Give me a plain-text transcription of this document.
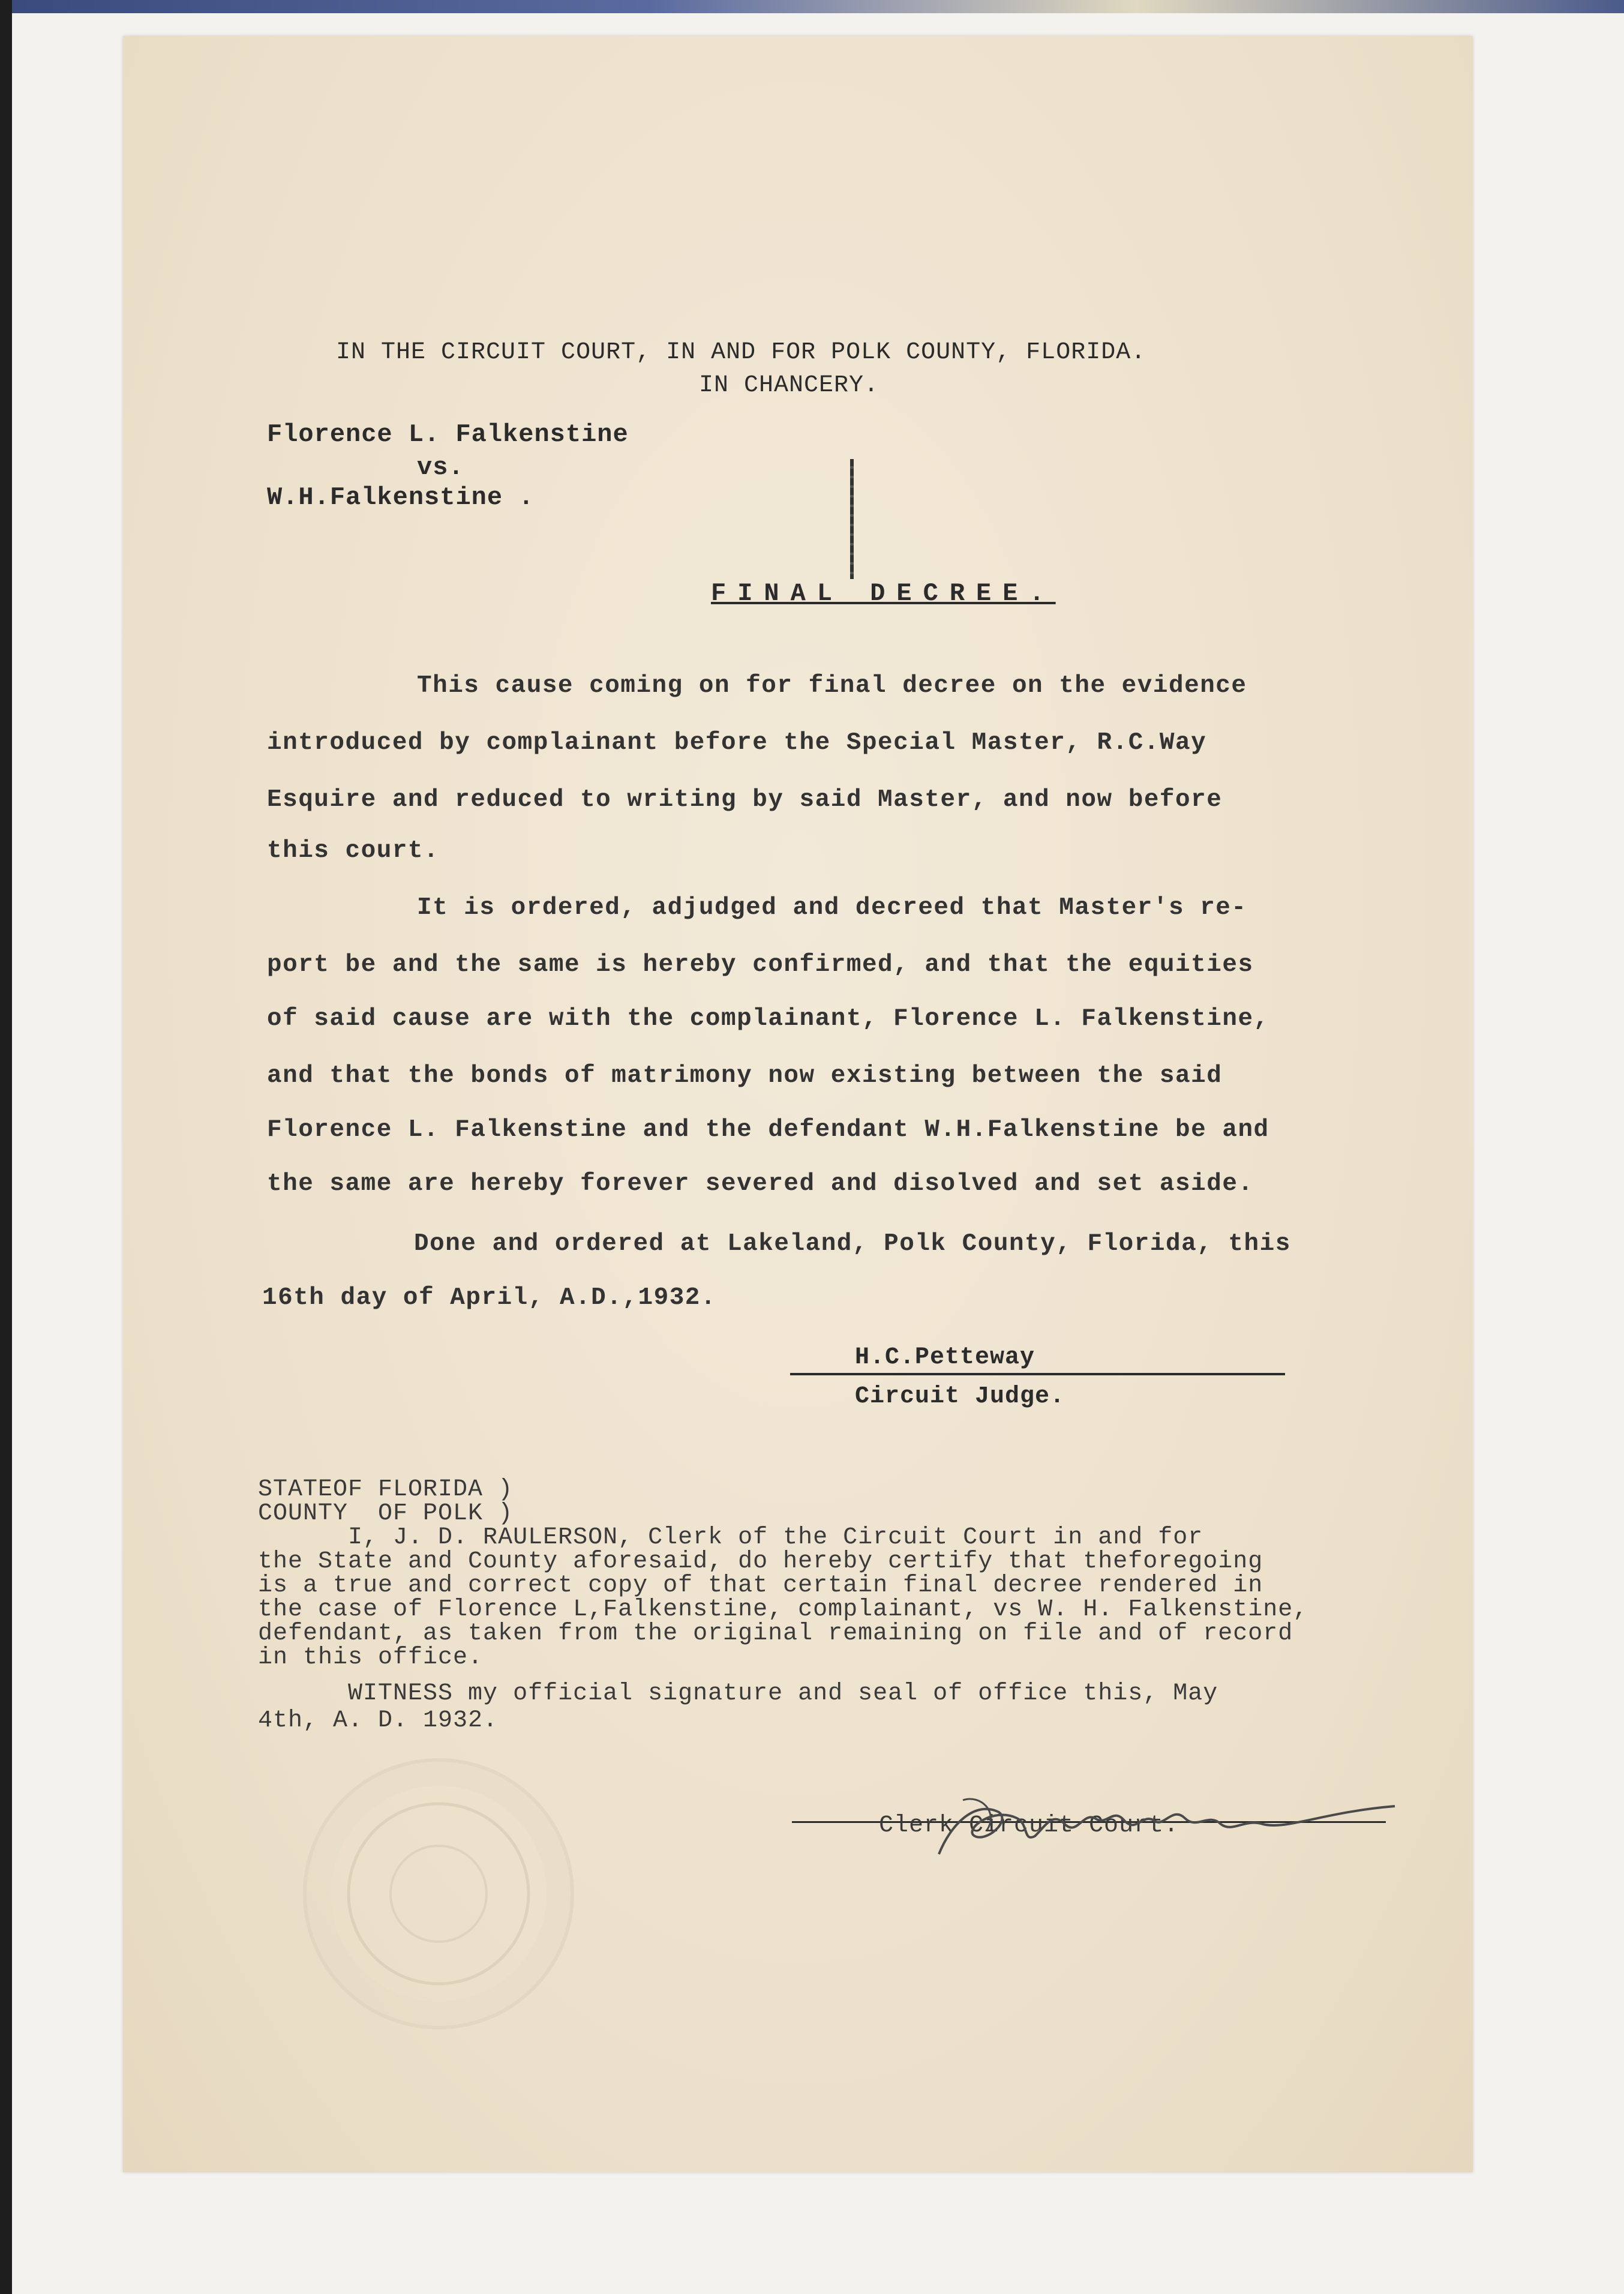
IN THE CIRCUIT COURT, IN AND FOR POLK COUNTY, FLORIDA.
IN CHANCERY.
Florence L. Falkenstine
vs.
W.H.Falkenstine .
FINAL DECREE.
This cause coming on for final decree on the evidence
introduced by complainant before the Special Master, R.C.Way
Esquire and reduced to writing by said Master, and now before
this court.
It is ordered, adjudged and decreed that Master's re-
port be and the same is hereby confirmed, and that the equities
of said cause are with the complainant, Florence L. Falkenstine,
and that the bonds of matrimony now existing between the said
Florence L. Falkenstine and the defendant W.H.Falkenstine be and
the same are hereby forever severed and disolved and set aside.
Done and ordered at Lakeland, Polk County, Florida, this
16th day of April, A.D.,1932.
H.C.Petteway
Circuit Judge.
STATEOF FLORIDA )
COUNTY  OF POLK )
I, J. D. RAULERSON, Clerk of the Circuit Court in and for
the State and County aforesaid, do hereby certify that theforegoing
is a true and correct copy of that certain final decree rendered in
the case of Florence L,Falkenstine, complainant, vs W. H. Falkenstine,
defendant, as taken from the original remaining on file and of record
in this office.
WITNESS my official signature and seal of office this, May
4th, A. D. 1932.
Clerk Circuit Court.
